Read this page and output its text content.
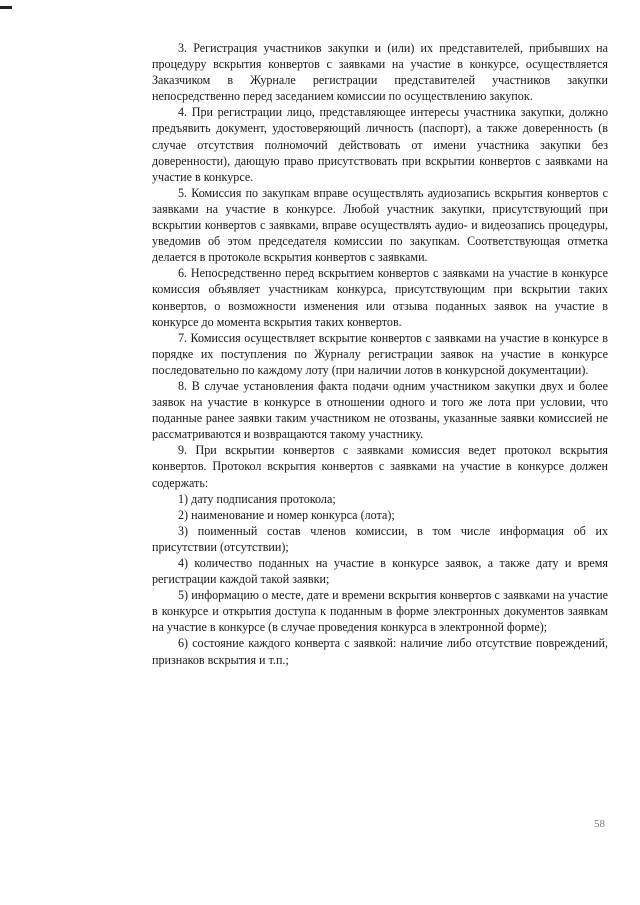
3. Регистрация участников закупки и (или) их представителей, прибывших на процедуру вскрытия конвертов с заявками на участие в конкурсе, осуществляется Заказчиком в Журнале регистрации представителей участников закупки непосредственно перед заседанием комиссии по осуществлению закупок.

4. При регистрации лицо, представляющее интересы участника закупки, должно предъявить документ, удостоверяющий личность (паспорт), а также доверенность (в случае отсутствия полномочий действовать от имени участника закупки без доверенности), дающую право присутствовать при вскрытии конвертов с заявками на участие в конкурсе.

5. Комиссия по закупкам вправе осуществлять аудиозапись вскрытия конвертов с заявками на участие в конкурсе. Любой участник закупки, присутствующий при вскрытии конвертов с заявками, вправе осуществлять аудио- и видеозапись процедуры, уведомив об этом председателя комиссии по закупкам. Соответствующая отметка делается в протоколе вскрытия конвертов с заявками.

6. Непосредственно перед вскрытием конвертов с заявками на участие в конкурсе комиссия объявляет участникам конкурса, присутствующим при вскрытии таких конвертов, о возможности изменения или отзыва поданных заявок на участие в конкурсе до момента вскрытия таких конвертов.

7. Комиссия осуществляет вскрытие конвертов с заявками на участие в конкурсе в порядке их поступления по Журналу регистрации заявок на участие в конкурсе последовательно по каждому лоту (при наличии лотов в конкурсной документации).

8. В случае установления факта подачи одним участником закупки двух и более заявок на участие в конкурсе в отношении одного и того же лота при условии, что поданные ранее заявки таким участником не отозваны, указанные заявки комиссией не рассматриваются и возвращаются такому участнику.

9. При вскрытии конвертов с заявками комиссия ведет протокол вскрытия конвертов. Протокол вскрытия конвертов с заявками на участие в конкурсе должен содержать:

1) дату подписания протокола;

2) наименование и номер конкурса (лота);

3) поименный состав членов комиссии, в том числе информация об их присутствии (отсутствии);

4) количество поданных на участие в конкурсе заявок, а также дату и время регистрации каждой такой заявки;

5) информацию о месте, дате и времени вскрытия конвертов с заявками на участие в конкурсе и открытия доступа к поданным в форме электронных документов заявкам на участие в конкурсе (в случае проведения конкурса в электронной форме);

6) состояние каждого конверта с заявкой: наличие либо отсутствие повреждений, признаков вскрытия и т.п.;

58
